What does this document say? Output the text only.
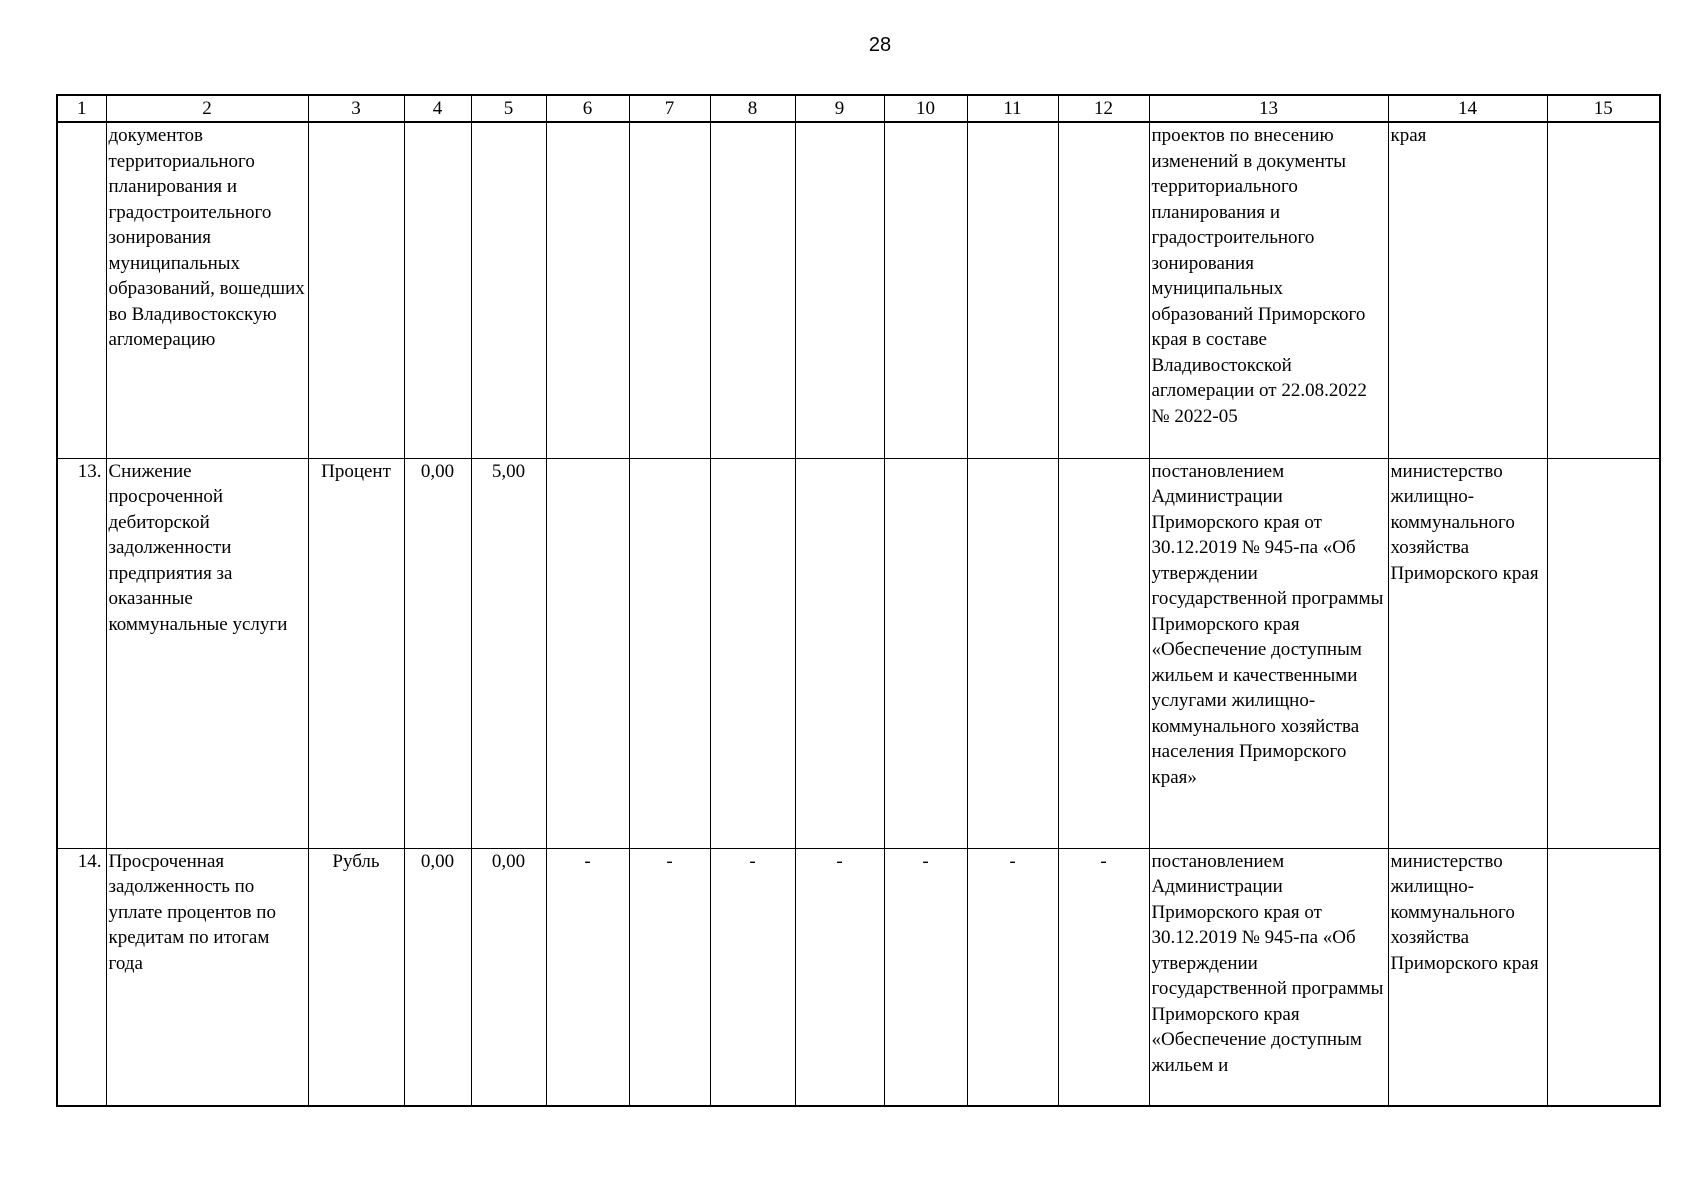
28
1	2	3	4	5	6	7	8	9	10	11	12	13	14	15
	документов территориального планирования и градостроительного зонирования муниципальных образований, вошедших во Владивостокскую агломерацию											проектов по внесению изменений в документы территориального планирования и градостроительного зонирования муниципальных образований Приморского края в составе Владивостокской агломерации от 22.08.2022 № 2022-05	края	
13.	Снижение просроченной дебиторской задолженности предприятия за оказанные коммунальные услуги	Процент	0,00	5,00								постановлением Администрации Приморского края от 30.12.2019 № 945-па «Об утверждении государственной программы Приморского края «Обеспечение доступным жильем и качественными услугами жилищно-коммунального хозяйства населения Приморского края»	министерство жилищно-коммунального хозяйства Приморского края	
14.	Просроченная задолженность по уплате процентов по кредитам по итогам года	Рубль	0,00	0,00	-	-	-	-	-	-	-	постановлением Администрации Приморского края от 30.12.2019 № 945-па «Об утверждении государственной программы Приморского края «Обеспечение доступным жильем и	министерство жилищно-коммунального хозяйства Приморского края	
